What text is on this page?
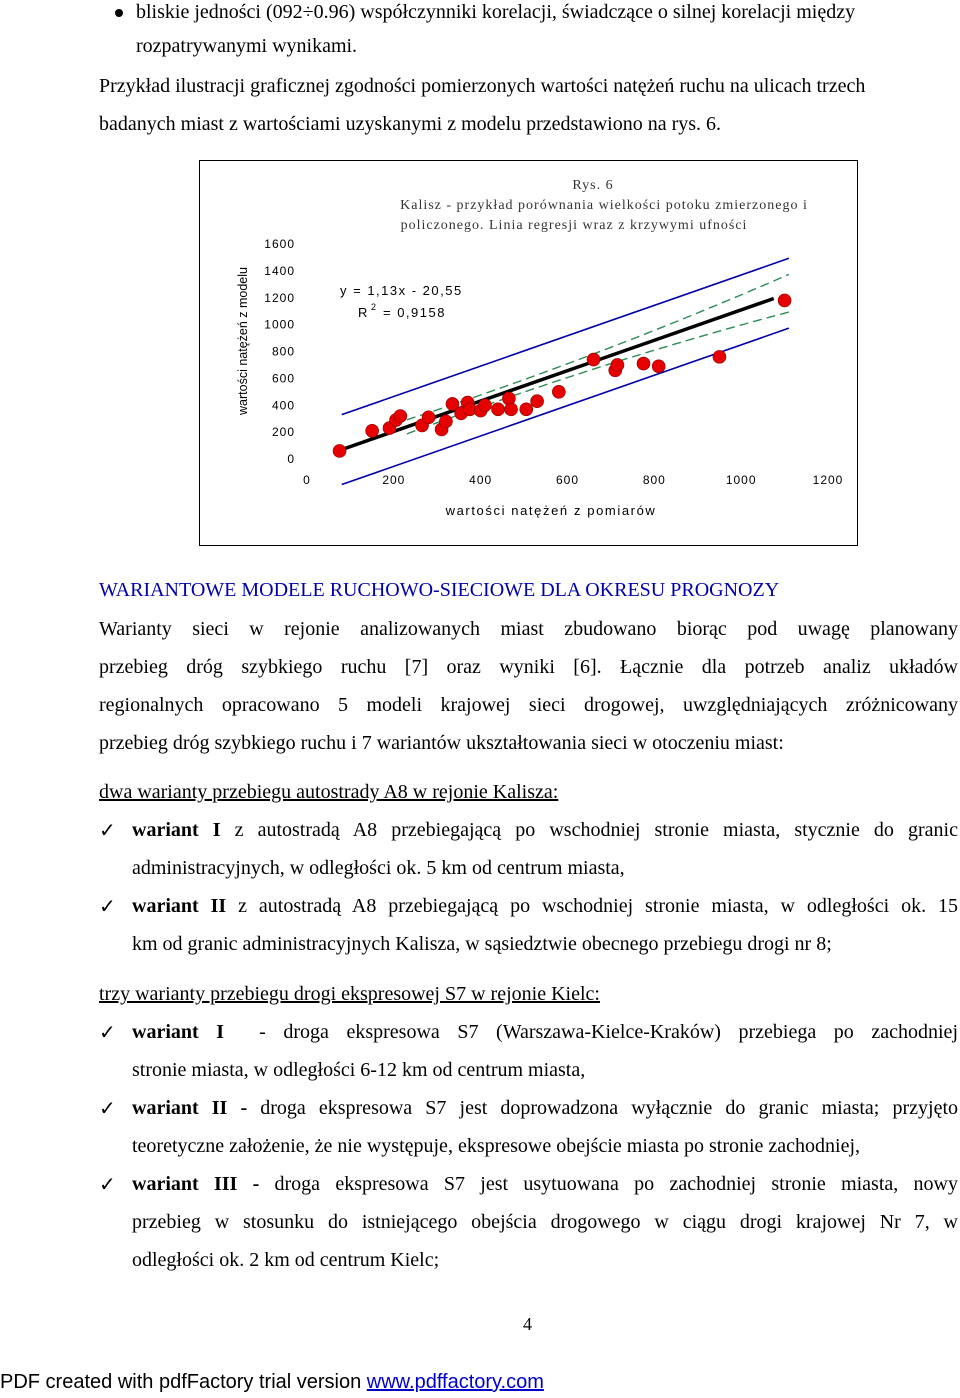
bliskie jedności (092÷0.96) współczynniki korelacji, świadczące o silnej korelacji między
rozpatrywanymi wynikami.
Przykład ilustracji graficznej zgodności pomierzonych wartości natężeń ruchu na ulicach trzech
badanych miast z wartościami uzyskanymi z modelu przedstawiono na rys. 6.
Rys. 6
Kalisz - przykład porównania wielkości potoku zmierzonego i
policzonego. Linia regresji wraz z krzywymi ufności
0
200
400
600
800
1000
1200
1400
1600
0	200	400	600	800	1000	1200
wartości natężeń z modelu
wartości natężeń z pomiarów
y = 1,13x - 20,55
R 2 = 0,9158
WARIANTOWE MODELE RUCHOWO-SIECIOWE DLA OKRESU PROGNOZY
Warianty sieci w rejonie analizowanych miast zbudowano biorąc pod uwagę planowany
przebieg dróg szybkiego ruchu [7] oraz wyniki [6]. Łącznie dla potrzeb analiz układów
regionalnych opracowano 5 modeli krajowej sieci drogowej, uwzględniających zróżnicowany
przebieg dróg szybkiego ruchu i 7 wariantów ukształtowania sieci w otoczeniu miast:
dwa warianty przebiegu autostrady A8 w rejonie Kalisza:
✓ wariant I z autostradą A8 przebiegającą po wschodniej stronie miasta, stycznie do granic
administracyjnych, w odległości ok. 5 km od centrum miasta,
✓ wariant II z autostradą A8 przebiegającą po wschodniej stronie miasta, w odległości ok. 15
km od granic administracyjnych Kalisza, w sąsiedztwie obecnego przebiegu drogi nr 8;
trzy warianty przebiegu drogi ekspresowej S7 w rejonie Kielc:
✓ wariant I  - droga ekspresowa S7 (Warszawa-Kielce-Kraków) przebiega po zachodniej
stronie miasta, w odległości 6-12 km od centrum miasta,
✓ wariant II - droga ekspresowa S7 jest doprowadzona wyłącznie do granic miasta; przyjęto
teoretyczne założenie, że nie występuje, ekspresowe obejście miasta po stronie zachodniej,
✓ wariant III - droga ekspresowa S7 jest usytuowana po zachodniej stronie miasta, nowy
przebieg w stosunku do istniejącego obejścia drogowego w ciągu drogi krajowej Nr 7, w
odległości ok. 2 km od centrum Kielc;
4
PDF created with pdfFactory trial version www.pdffactory.com
